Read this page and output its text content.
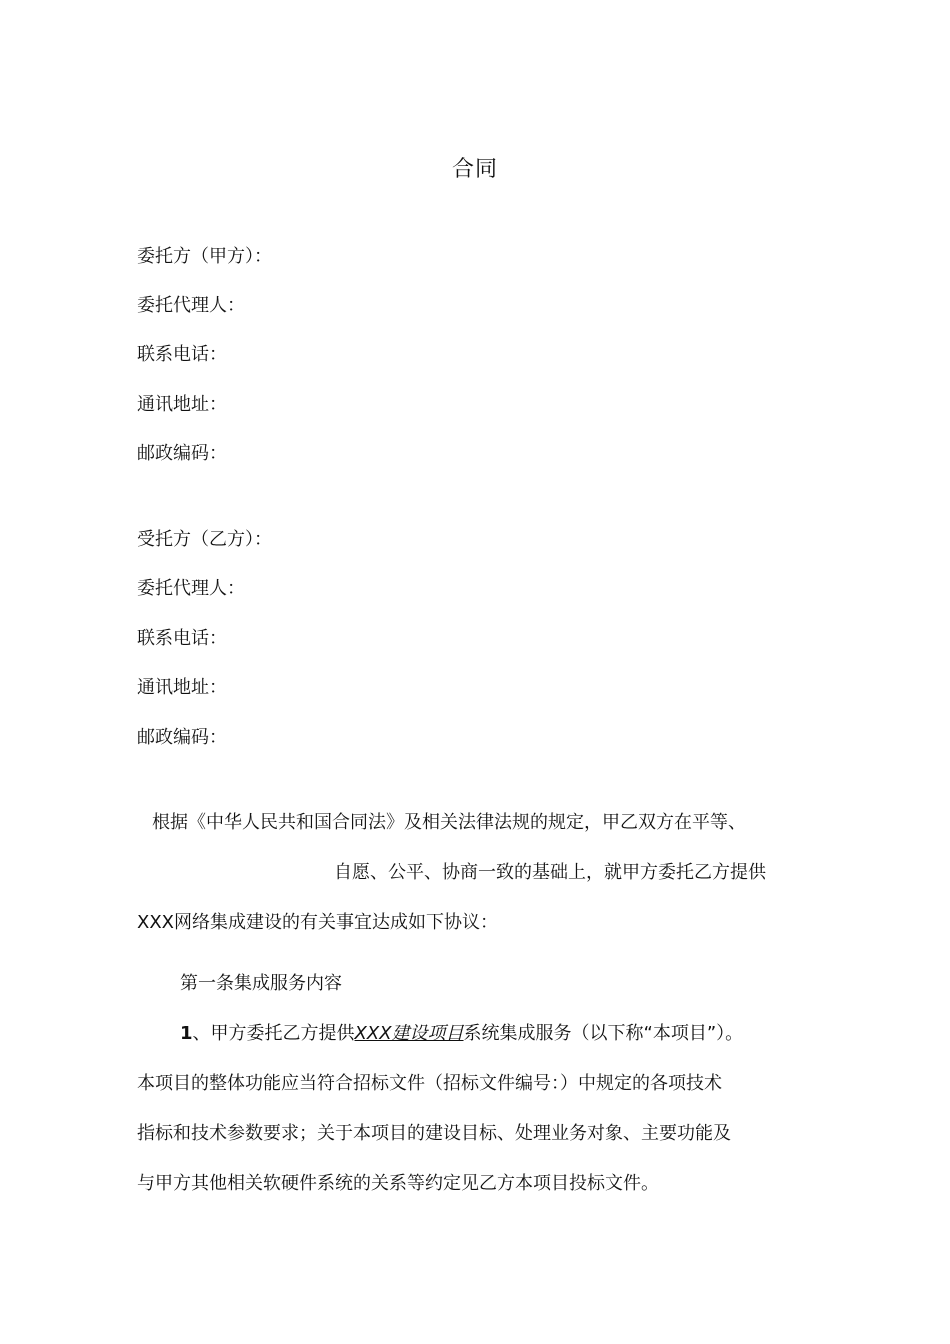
合同
委托方（甲方）：
委托代理人：
联系电话：
通讯地址：
邮政编码：
受托方（乙方）：
委托代理人：
联系电话：
通讯地址：
邮政编码：
根据《中华人民共和国合同法》及相关法律法规的规定，甲乙双方在平等、
自愿、公平、协商一致的基础上，就甲方委托乙方提供
XXX网络集成建设的有关事宜达成如下协议：
第一条集成服务内容
1、甲方委托乙方提供XXX建设项目系统集成服务（以下称“本项目”）。
本项目的整体功能应当符合招标文件（招标文件编号：）中规定的各项技术
指标和技术参数要求；关于本项目的建设目标、处理业务对象、主要功能及
与甲方其他相关软硬件系统的关系等约定见乙方本项目投标文件。
